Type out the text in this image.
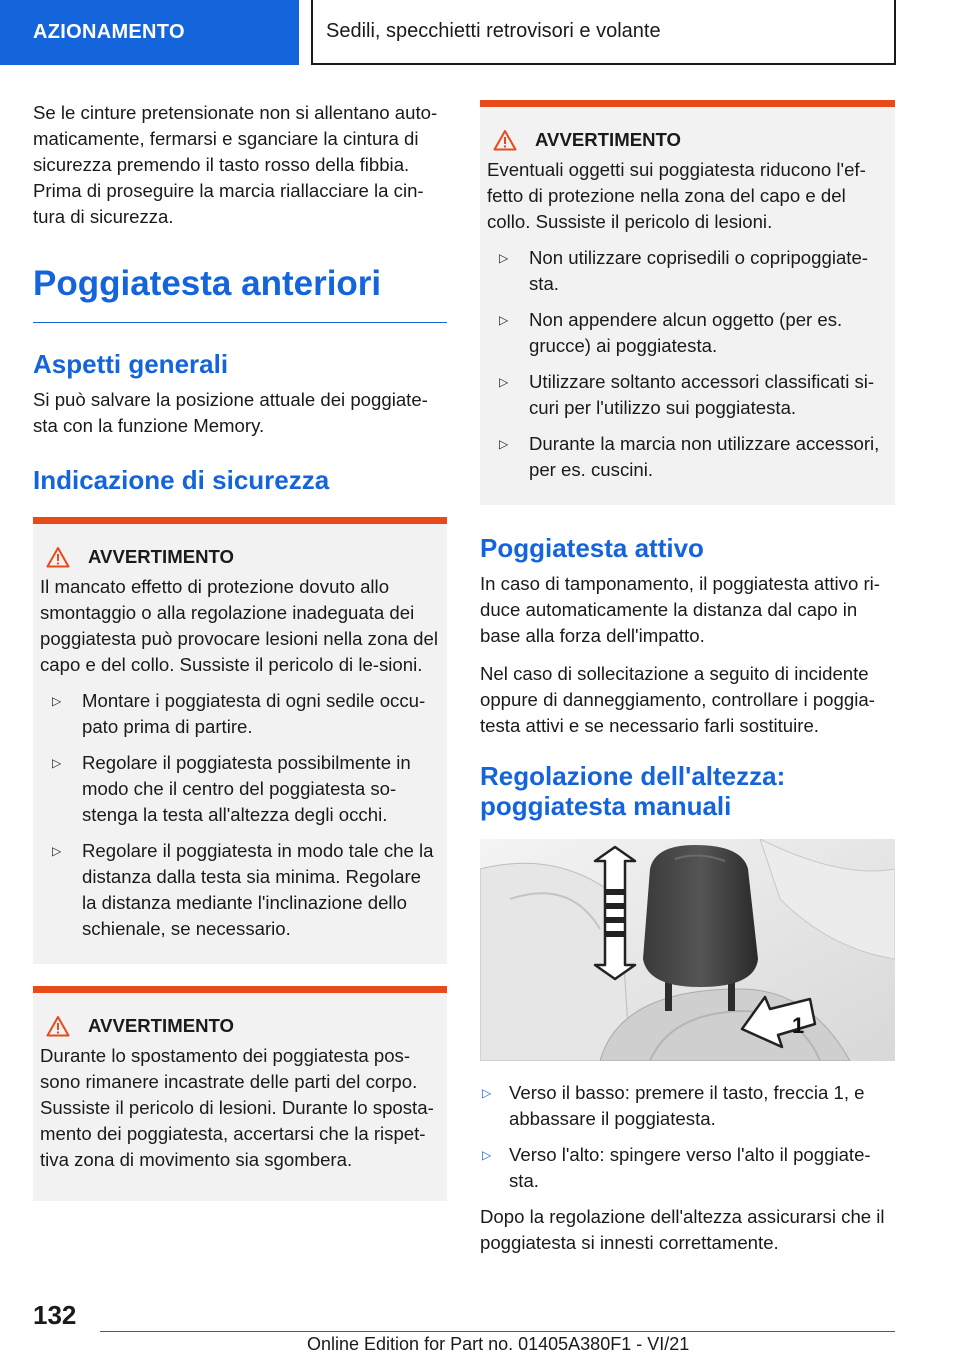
AZIONAMENTO	Sedili, specchietti retrovisori e volante

Se le cinture pretensionate non si allentano auto-maticamente, fermarsi e sganciare la cintura di sicurezza premendo il tasto rosso della fibbia. Prima di proseguire la marcia riallacciare la cin-tura di sicurezza.

Poggiatesta anteriori
Aspetti generali

Si può salvare la posizione attuale dei poggiate-sta con la funzione Memory.

Indicazione di sicurezza
AVVERTIMENTO

Il mancato effetto di protezione dovuto allo smontaggio o alla regolazione inadeguata dei poggiatesta può provocare lesioni nella zona del capo e del collo. Sussiste il pericolo di le-sioni.

▷ Montare i poggiatesta di ogni sedile occu-pato prima di partire.
▷ Regolare il poggiatesta possibilmente in modo che il centro del poggiatesta so-stenga la testa all'altezza degli occhi.
▷ Regolare il poggiatesta in modo tale che la distanza dalla testa sia minima. Regolare la distanza mediante l'inclinazione dello schienale, se necessario.
AVVERTIMENTO

Durante lo spostamento dei poggiatesta pos-sono rimanere incastrate delle parti del corpo. Sussiste il pericolo di lesioni. Durante lo sposta-mento dei poggiatesta, accertarsi che la rispet-tiva zona di movimento sia sgombera.

AVVERTIMENTO

Eventuali oggetti sui poggiatesta riducono l'ef-fetto di protezione nella zona del capo e del collo. Sussiste il pericolo di lesioni.

▷ Non utilizzare coprisedili o copripoggiate-sta.
▷ Non appendere alcun oggetto (per es. grucce) ai poggiatesta.
▷ Utilizzare soltanto accessori classificati si-curi per l'utilizzo sui poggiatesta.
▷ Durante la marcia non utilizzare accessori, per es. cuscini.
Poggiatesta attivo

In caso di tamponamento, il poggiatesta attivo ri-duce automaticamente la distanza dal capo in base alla forza dell'impatto.

Nel caso di sollecitazione a seguito di incidente oppure di danneggiamento, controllare i poggia-testa attivi e se necessario farli sostituire.

Regolazione dell'altezza: poggiatesta manuali
1
▷ Verso il basso: premere il tasto, freccia 1, e abbassare il poggiatesta.
▷ Verso l'alto: spingere verso l'alto il poggiate-sta.

Dopo la regolazione dell'altezza assicurarsi che il poggiatesta si innesti correttamente.

132
Online Edition for Part no. 01405A380F1 - VI/21
